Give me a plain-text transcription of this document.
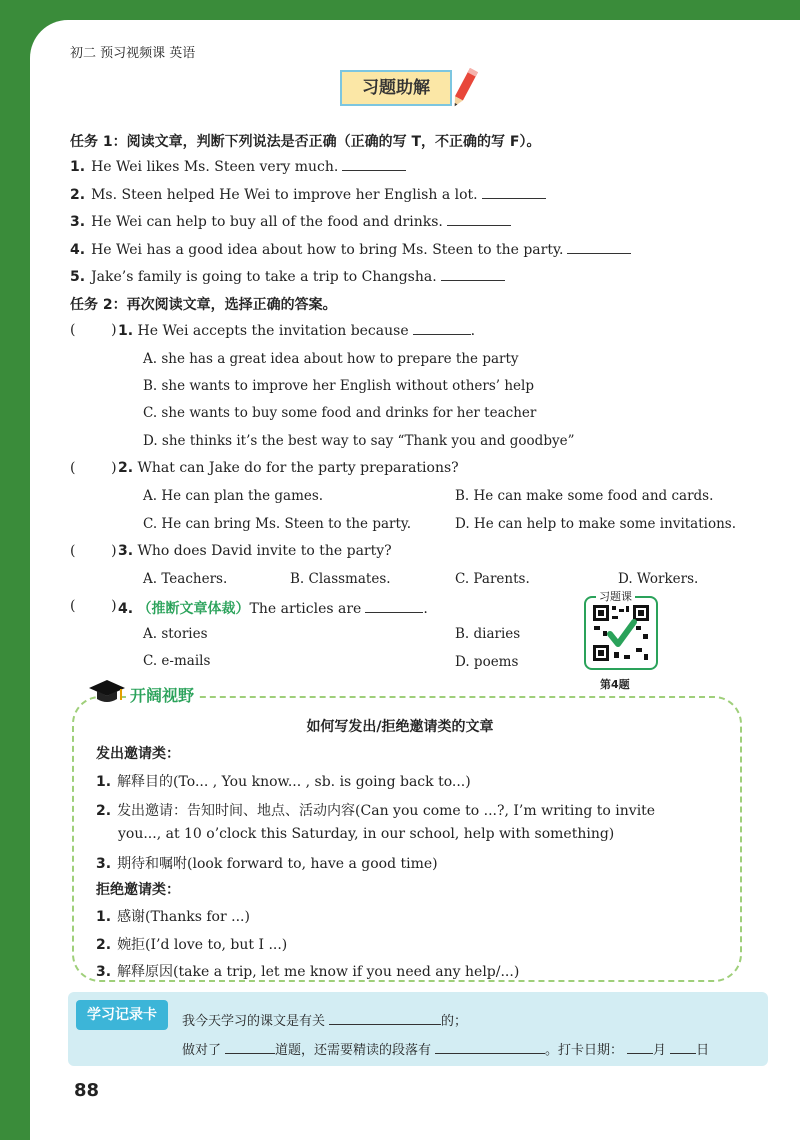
初二 预习视频课 英语
习题助解
任务 1：阅读文章，判断下列说法是否正确（正确的写 T，不正确的写 F）。
1. He Wei likes Ms. Steen very much.
2. Ms. Steen helped He Wei to improve her English a lot.
3. He Wei can help to buy all of the food and drinks.
4. He Wei has a good idea about how to bring Ms. Steen to the party.
5. Jake’s family is going to take a trip to Changsha.
任务 2：再次阅读文章，选择正确的答案。
(        ) 1. He Wei accepts the invitation because	.
A. she has a great idea about how to prepare the party
B. she wants to improve her English without others’ help
C. she wants to buy some food and drinks for her teacher
D. she thinks it’s the best way to say “Thank you and goodbye”
(        ) 2. What can Jake do for the party preparations?
A. He can plan the games.	B. He can make some food and cards.
C. He can bring Ms. Steen to the party.	D. He can help to make some invitations.
(        ) 3. Who does David invite to the party?
A. Teachers.	B. Classmates.	C. Parents.	D. Workers.
(        ) 4. （推断文章体裁）The articles are	.
A. stories	B. diaries
C. e-mails	D. poems
习题课
第4题
开阔视野
如何写发出/拒绝邀请类的文章
发出邀请类：
1. 解释目的(To... , You know... , sb. is going back to...)
2. 发出邀请：告知时间、地点、活动内容(Can you come to ...?, I’m writing to invite
you..., at 10 o’clock this Saturday, in our school, help with something)
3. 期待和嘱咐(look forward to, have a good time)
拒绝邀请类：
1. 感谢(Thanks for ...)
2. 婉拒(I’d love to, but I ...)
3. 解释原因(take a trip, let me know if you need any help/...)
学习记录卡	我今天学习的课文是有关	的；
做对了	道题，还需要精读的段落有	。打卡日期： 月 日
88
